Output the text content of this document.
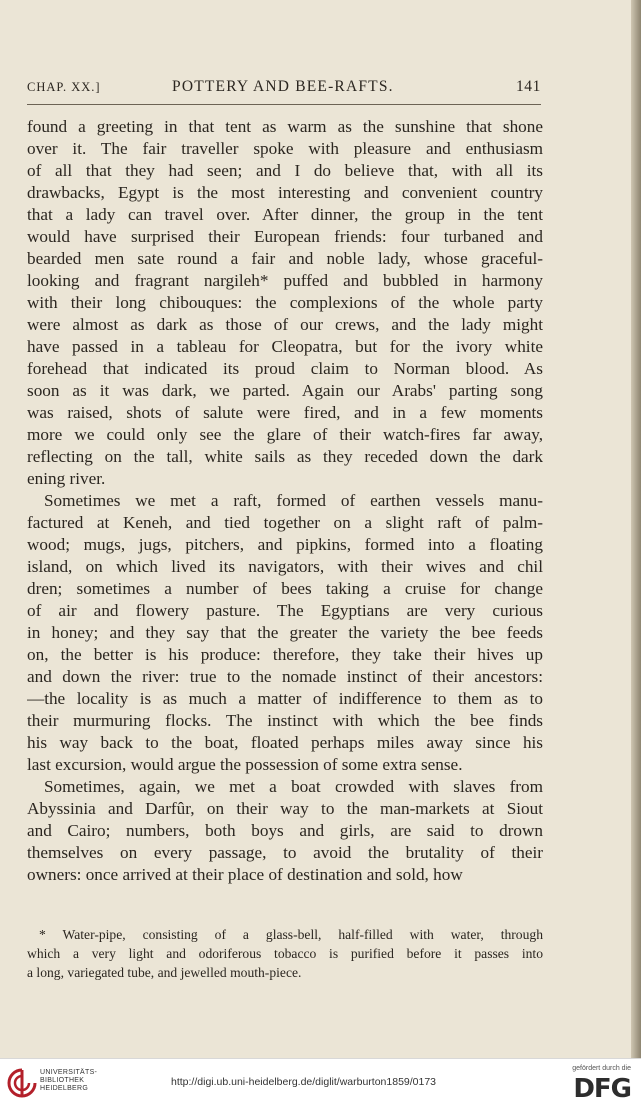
CHAP. XX.]	POTTERY AND BEE-RAFTS.	141
found a greeting in that tent as warm as the sunshine that shone
over it. The fair traveller spoke with pleasure and enthusiasm
of all that they had seen; and I do believe that, with all its
drawbacks, Egypt is the most interesting and convenient country
that a lady can travel over. After dinner, the group in the tent
would have surprised their European friends: four turbaned and
bearded men sate round a fair and noble lady, whose graceful-
looking and fragrant nargileh* puffed and bubbled in harmony
with their long chibouques: the complexions of the whole party
were almost as dark as those of our crews, and the lady might
have passed in a tableau for Cleopatra, but for the ivory white
forehead that indicated its proud claim to Norman blood. As
soon as it was dark, we parted. Again our Arabs' parting song
was raised, shots of salute were fired, and in a few moments
more we could only see the glare of their watch-fires far away,
reflecting on the tall, white sails as they receded down the dark
ening river.
Sometimes we met a raft, formed of earthen vessels manu-
factured at Keneh, and tied together on a slight raft of palm-
wood; mugs, jugs, pitchers, and pipkins, formed into a floating
island, on which lived its navigators, with their wives and chil
dren; sometimes a number of bees taking a cruise for change
of air and flowery pasture. The Egyptians are very curious
in honey; and they say that the greater the variety the bee feeds
on, the better is his produce: therefore, they take their hives up
and down the river: true to the nomade instinct of their ancestors:
—the locality is as much a matter of indifference to them as to
their murmuring flocks. The instinct with which the bee finds
his way back to the boat, floated perhaps miles away since his
last excursion, would argue the possession of some extra sense.
Sometimes, again, we met a boat crowded with slaves from
Abyssinia and Darfûr, on their way to the man-markets at Siout
and Cairo; numbers, both boys and girls, are said to drown
themselves on every passage, to avoid the brutality of their
owners: once arrived at their place of destination and sold, how
* Water-pipe, consisting of a glass-bell, half-filled with water, through
which a very light and odoriferous tobacco is purified before it passes into
a long, variegated tube, and jewelled mouth-piece.
UNIVERSITÄTS-
BIBLIOTHEK
HEIDELBERG
http://digi.ub.uni-heidelberg.de/diglit/warburton1859/0173
gefördert durch die
DFG
